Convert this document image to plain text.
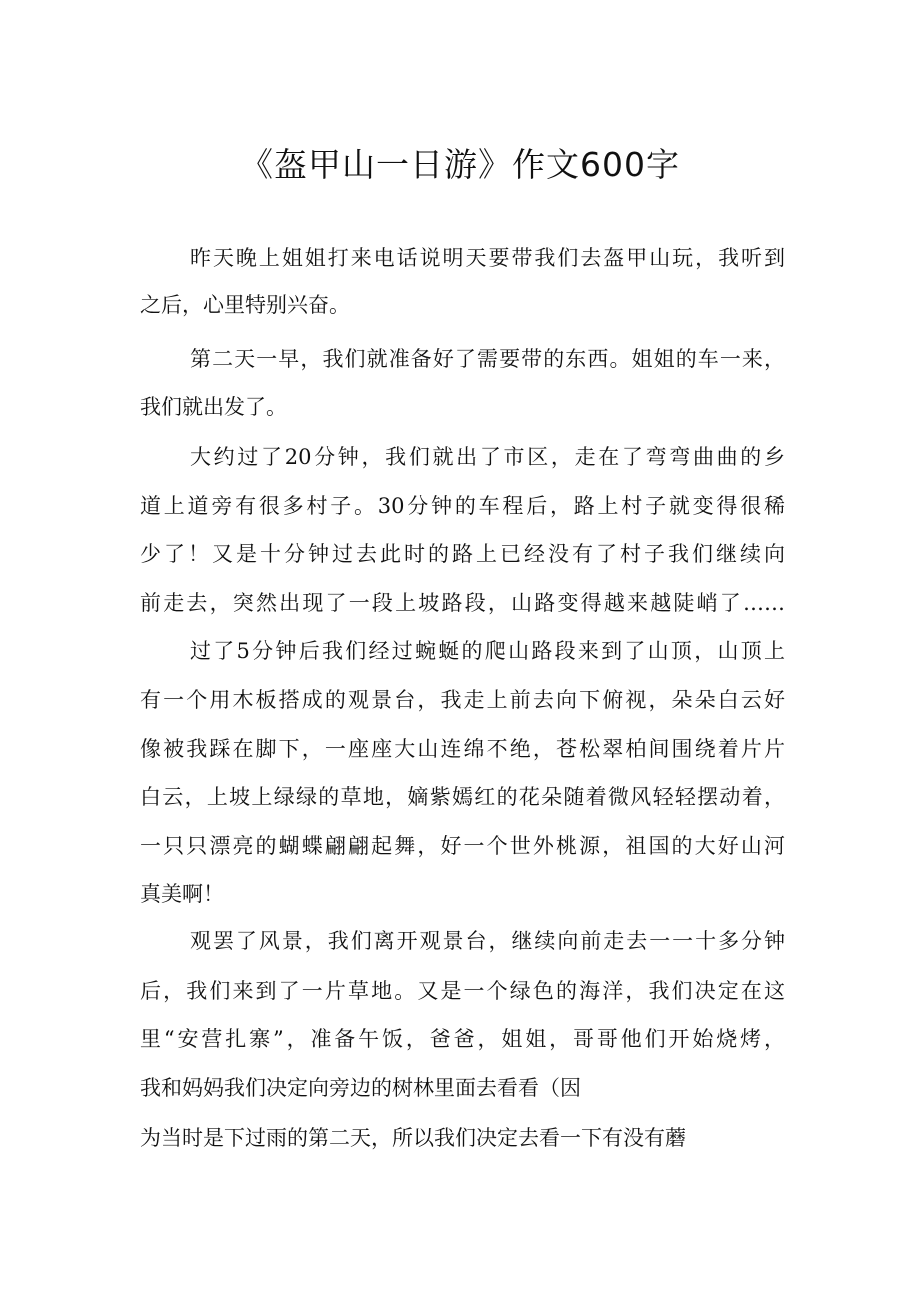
《盔甲山一日游》作文600字
昨天晚上姐姐打来电话说明天要带我们去盔甲山玩，我听到
之后，心里特别兴奋。
第二天一早，我们就准备好了需要带的东西。姐姐的车一来，
我们就出发了。
大约过了20分钟，我们就出了市区，走在了弯弯曲曲的乡
道上道旁有很多村子。30分钟的车程后，路上村子就变得很稀
少了！又是十分钟过去此时的路上已经没有了村子我们继续向
前走去，突然出现了一段上坡路段，山路变得越来越陡峭了……
过了5分钟后我们经过蜿蜒的爬山路段来到了山顶，山顶上
有一个用木板搭成的观景台，我走上前去向下俯视，朵朵白云好
像被我踩在脚下，一座座大山连绵不绝，苍松翠柏间围绕着片片
白云，上坡上绿绿的草地，嫡紫嫣红的花朵随着微风轻轻摆动着，
一只只漂亮的蝴蝶翩翩起舞，好一个世外桃源，祖国的大好山河
真美啊！
观罢了风景，我们离开观景台，继续向前走去一一十多分钟
后，我们来到了一片草地。又是一个绿色的海洋，我们决定在这
里“安营扎寨”，准备午饭，爸爸，姐姐，哥哥他们开始烧烤，
我和妈妈我们决定向旁边的树林里面去看看（因
为当时是下过雨的第二天，所以我们决定去看一下有没有蘑
